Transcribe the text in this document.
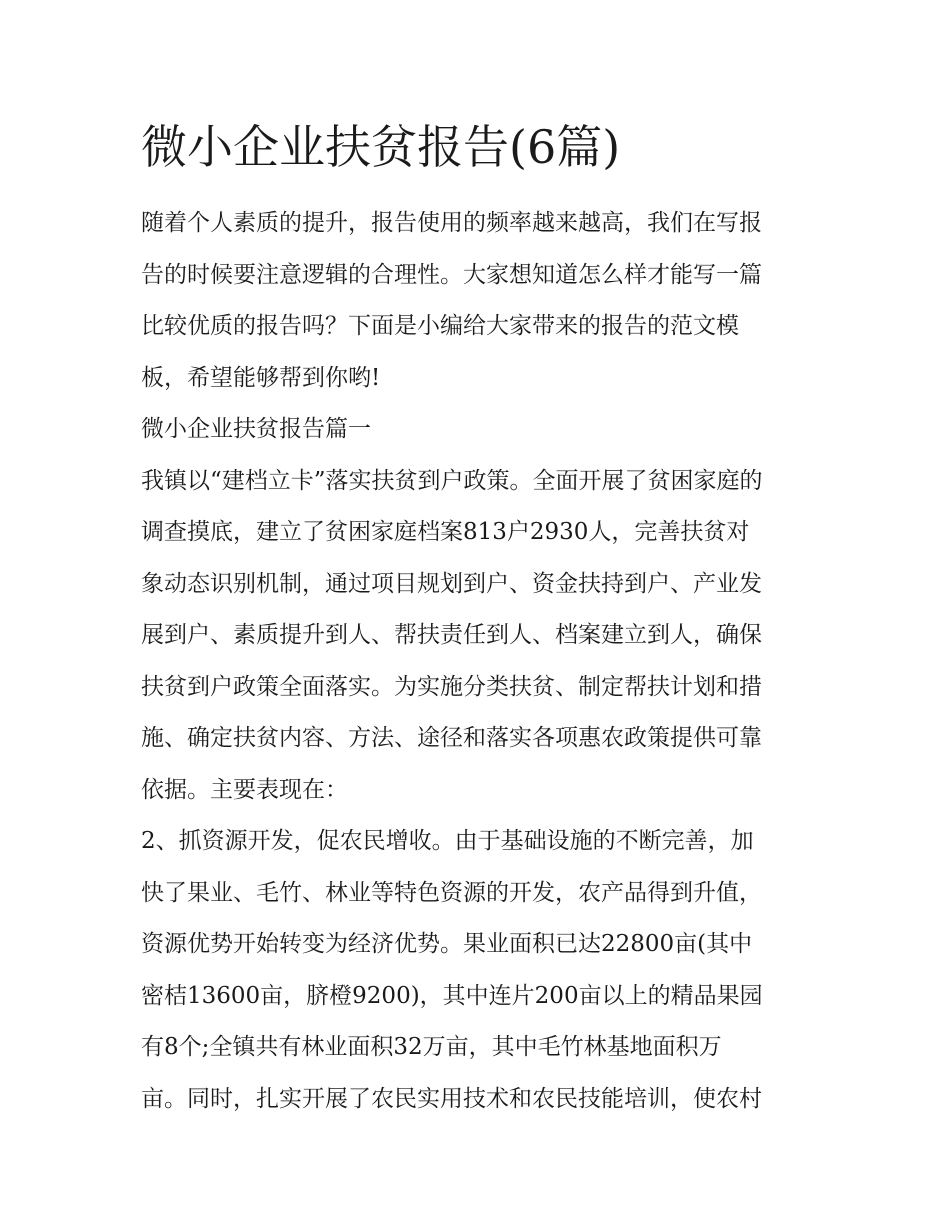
微小企业扶贫报告(6篇)
随着个人素质的提升，报告使用的频率越来越高，我们在写报
告的时候要注意逻辑的合理性。大家想知道怎么样才能写一篇
比较优质的报告吗？下面是小编给大家带来的报告的范文模
板，希望能够帮到你哟!
微小企业扶贫报告篇一
我镇以“建档立卡”落实扶贫到户政策。全面开展了贫困家庭的
调查摸底，建立了贫困家庭档案813户2930人，完善扶贫对
象动态识别机制，通过项目规划到户、资金扶持到户、产业发
展到户、素质提升到人、帮扶责任到人、档案建立到人，确保
扶贫到户政策全面落实。为实施分类扶贫、制定帮扶计划和措
施、确定扶贫内容、方法、途径和落实各项惠农政策提供可靠
依据。主要表现在：
2、抓资源开发，促农民增收。由于基础设施的不断完善，加
快了果业、毛竹、林业等特色资源的开发，农产品得到升值，
资源优势开始转变为经济优势。果业面积已达22800亩(其中
密桔13600亩，脐橙9200)，其中连片200亩以上的精品果园
有8个;全镇共有林业面积32万亩，其中毛竹林基地面积万
亩。同时，扎实开展了农民实用技术和农民技能培训，使农村
